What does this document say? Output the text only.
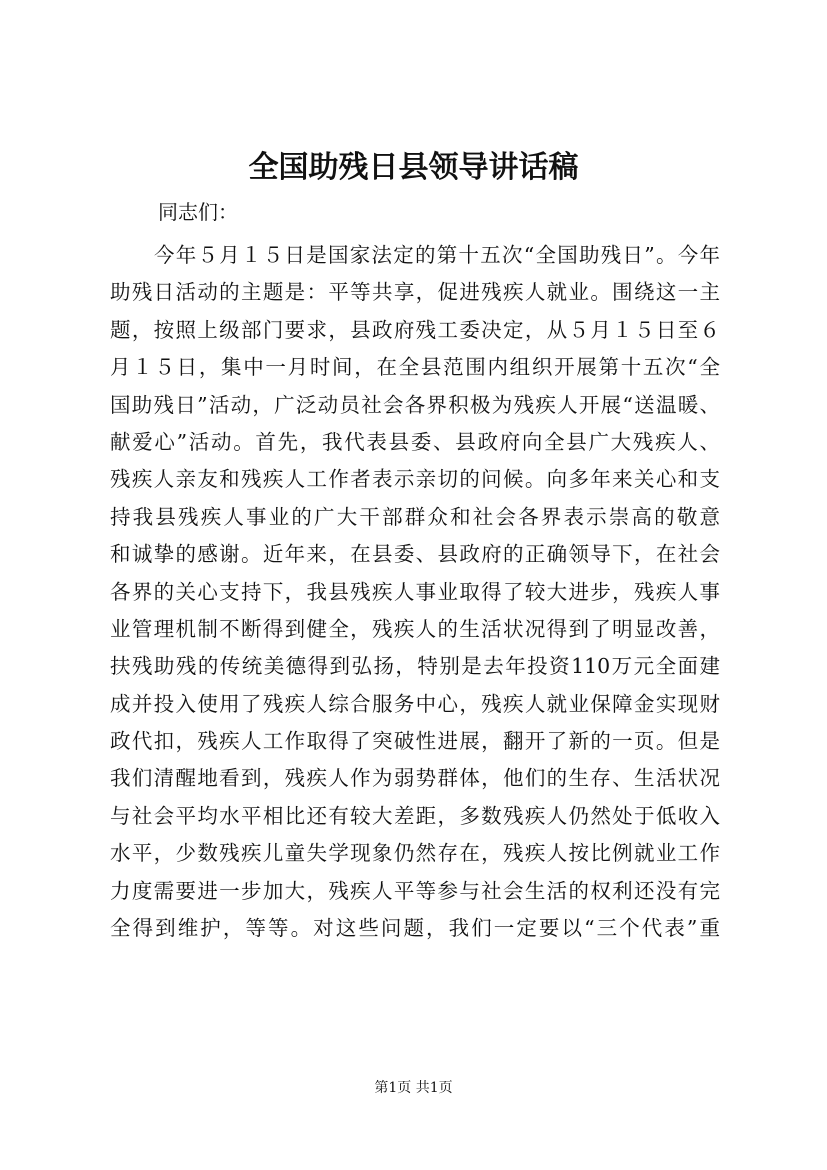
全国助残日县领导讲话稿
同志们：
今年５月１５日是国家法定的第十五次“全国助残日”。今年
助残日活动的主题是：平等共享，促进残疾人就业。围绕这一主
题，按照上级部门要求，县政府残工委决定，从５月１５日至６
月１５日，集中一月时间，在全县范围内组织开展第十五次“全
国助残日”活动，广泛动员社会各界积极为残疾人开展“送温暖、
献爱心”活动。首先，我代表县委、县政府向全县广大残疾人、
残疾人亲友和残疾人工作者表示亲切的问候。向多年来关心和支
持我县残疾人事业的广大干部群众和社会各界表示崇高的敬意
和诚挚的感谢。近年来，在县委、县政府的正确领导下，在社会
各界的关心支持下，我县残疾人事业取得了较大进步，残疾人事
业管理机制不断得到健全，残疾人的生活状况得到了明显改善，
扶残助残的传统美德得到弘扬，特别是去年投资110万元全面建
成并投入使用了残疾人综合服务中心，残疾人就业保障金实现财
政代扣，残疾人工作取得了突破性进展，翻开了新的一页。但是
我们清醒地看到，残疾人作为弱势群体，他们的生存、生活状况
与社会平均水平相比还有较大差距，多数残疾人仍然处于低收入
水平，少数残疾儿童失学现象仍然存在，残疾人按比例就业工作
力度需要进一步加大，残疾人平等参与社会生活的权利还没有完
全得到维护，等等。对这些问题，我们一定要以“三个代表”重
第1页 共1页
